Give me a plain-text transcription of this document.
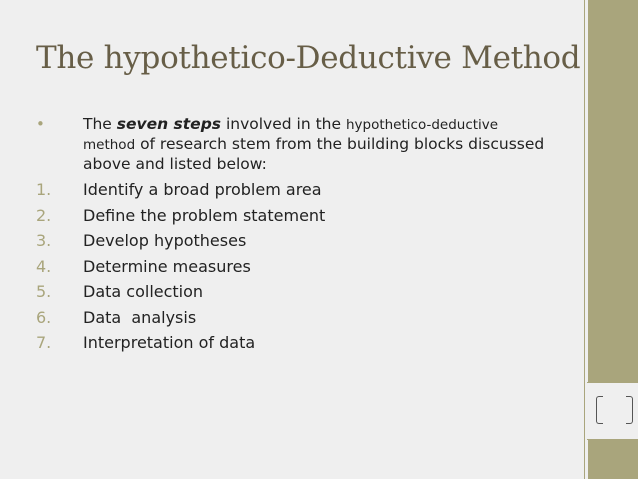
The hypothetico-Deductive Method
• The seven steps involved in the hypothetico-deductive
method of research stem from the building blocks discussed above and listed below:
1. Identify a broad problem area
2. Define the problem statement
3. Develop hypotheses
4. Determine measures
5. Data collection
6. Data  analysis
7. Interpretation of data
